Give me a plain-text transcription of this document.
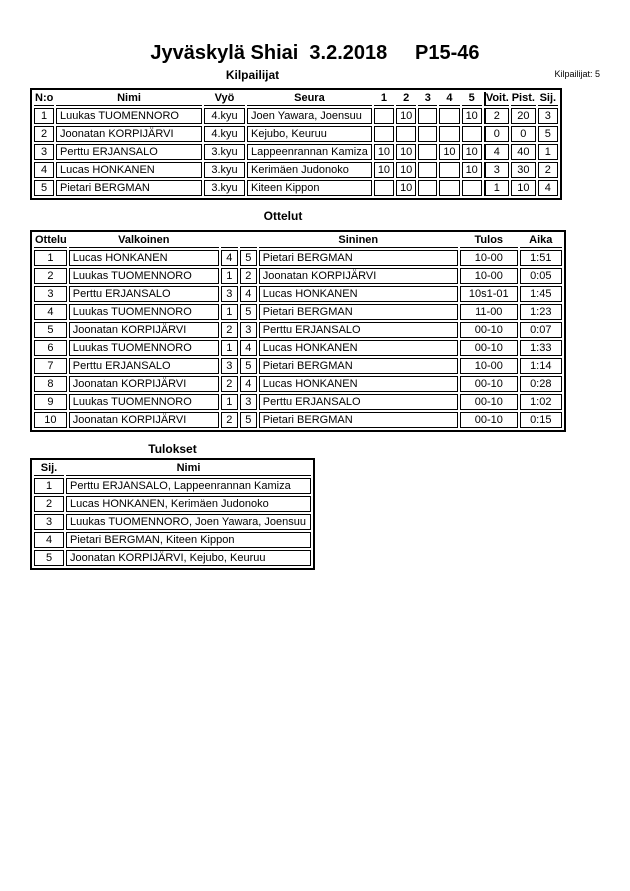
Jyväskylä Shiai  3.2.2018     P15-46
Kilpailijat	Kilpailijat: 5
N:o	Nimi	Vyö	Seura	1	2	3	4	5	Voit.	Pist.	Sij.
1	Luukas TUOMENNORO	4.kyu	Joen Yawara, Joensuu		10			10	2	20	3
2	Joonatan KORPIJÄRVI	4.kyu	Kejubo, Keuruu						0	0	5
3	Perttu ERJANSALO	3.kyu	Lappeenrannan Kamiza	10	10		10	10	4	40	1
4	Lucas HONKANEN	3.kyu	Kerimäen Judonoko	10	10			10	3	30	2
5	Pietari BERGMAN	3.kyu	Kiteen Kippon		10				1	10	4
Ottelut
Ottelu	Valkoinen			Sininen	Tulos	Aika
1	Lucas HONKANEN	4	5	Pietari BERGMAN	10-00	1:51
2	Luukas TUOMENNORO	1	2	Joonatan KORPIJÄRVI	10-00	0:05
3	Perttu ERJANSALO	3	4	Lucas HONKANEN	10s1-01	1:45
4	Luukas TUOMENNORO	1	5	Pietari BERGMAN	11-00	1:23
5	Joonatan KORPIJÄRVI	2	3	Perttu ERJANSALO	00-10	0:07
6	Luukas TUOMENNORO	1	4	Lucas HONKANEN	00-10	1:33
7	Perttu ERJANSALO	3	5	Pietari BERGMAN	10-00	1:14
8	Joonatan KORPIJÄRVI	2	4	Lucas HONKANEN	00-10	0:28
9	Luukas TUOMENNORO	1	3	Perttu ERJANSALO	00-10	1:02
10	Joonatan KORPIJÄRVI	2	5	Pietari BERGMAN	00-10	0:15
Tulokset
Sij.	Nimi
1	Perttu ERJANSALO, Lappeenrannan Kamiza
2	Lucas HONKANEN, Kerimäen Judonoko
3	Luukas TUOMENNORO, Joen Yawara, Joensuu
4	Pietari BERGMAN, Kiteen Kippon
5	Joonatan KORPIJÄRVI, Kejubo, Keuruu
